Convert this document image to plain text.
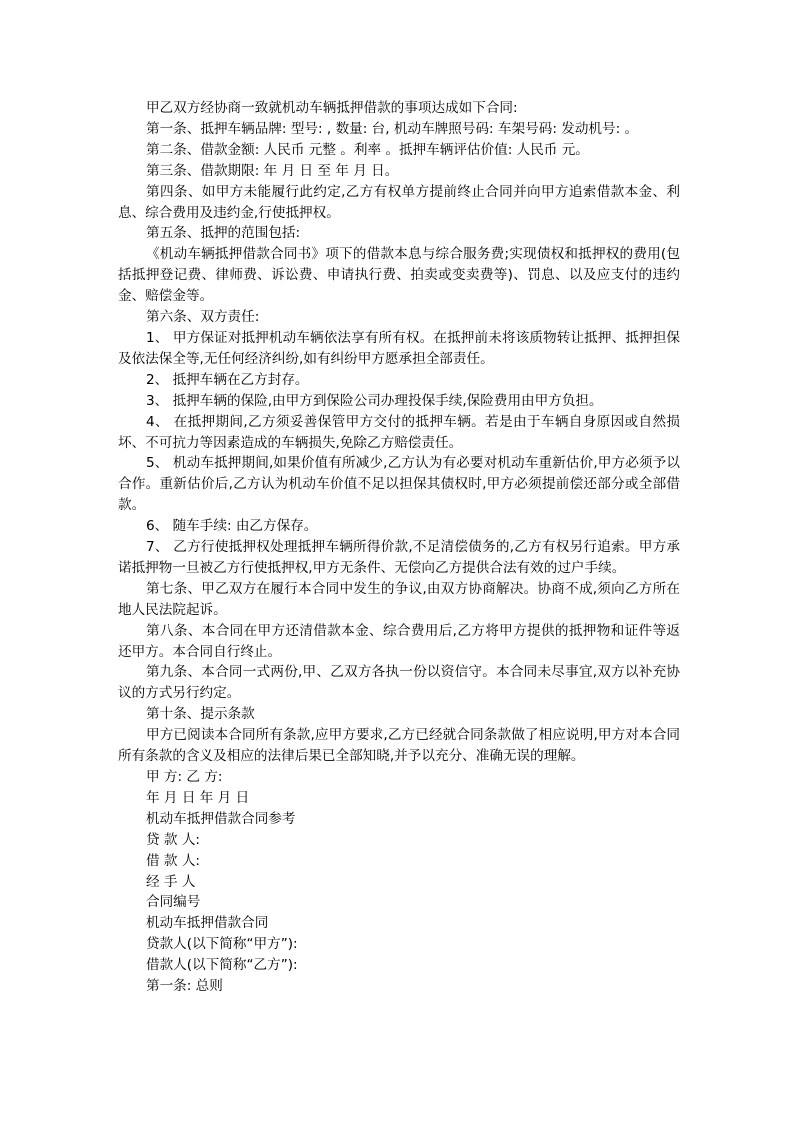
甲乙双方经协商一致就机动车辆抵押借款的事项达成如下合同:

第一条、抵押车辆品牌: 型号: , 数量: 台, 机动车牌照号码: 车架号码: 发动机号: 。

第二条、借款金额: 人民币 元整 。利率 。抵押车辆评估价值: 人民币 元。

第三条、借款期限: 年 月 日 至 年 月 日。

第四条、如甲方未能履行此约定,乙方有权单方提前终止合同并向甲方追索借款本金、利息、综合费用及违约金,行使抵押权。

第五条、抵押的范围包括:

《机动车辆抵押借款合同书》项下的借款本息与综合服务费;实现债权和抵押权的费用(包括抵押登记费、律师费、诉讼费、申请执行费、拍卖或变卖费等)、罚息、以及应支付的违约金、赔偿金等。

第六条、双方责任:

1、 甲方保证对抵押机动车辆依法享有所有权。在抵押前未将该质物转让抵押、抵押担保及依法保全等,无任何经济纠纷,如有纠纷甲方愿承担全部责任。

2、 抵押车辆在乙方封存。

3、 抵押车辆的保险,由甲方到保险公司办理投保手续,保险费用由甲方负担。

4、 在抵押期间,乙方须妥善保管甲方交付的抵押车辆。若是由于车辆自身原因或自然损坏、不可抗力等因素造成的车辆损失,免除乙方赔偿责任。

5、 机动车抵押期间,如果价值有所减少,乙方认为有必要对机动车重新估价,甲方必须予以合作。重新估价后,乙方认为机动车价值不足以担保其债权时,甲方必须提前偿还部分或全部借款。

6、 随车手续: 由乙方保存。

7、 乙方行使抵押权处理抵押车辆所得价款,不足清偿债务的,乙方有权另行追索。甲方承诺抵押物一旦被乙方行使抵押权,甲方无条件、无偿向乙方提供合法有效的过户手续。

第七条、甲乙双方在履行本合同中发生的争议,由双方协商解决。协商不成,须向乙方所在地人民法院起诉。

第八条、本合同在甲方还清借款本金、综合费用后,乙方将甲方提供的抵押物和证件等返还甲方。本合同自行终止。

第九条、本合同一式两份,甲、乙双方各执一份以资信守。本合同未尽事宜,双方以补充协议的方式另行约定。

第十条、提示条款

甲方已阅读本合同所有条款,应甲方要求,乙方已经就合同条款做了相应说明,甲方对本合同所有条款的含义及相应的法律后果已全部知晓,并予以充分、准确无误的理解。

甲 方: 乙 方:

年 月 日 年 月 日

机动车抵押借款合同参考

贷 款 人:

借 款 人:

经 手 人

合同编号

机动车抵押借款合同

贷款人(以下简称“甲方”):

借款人(以下简称“乙方”):

第一条: 总则
